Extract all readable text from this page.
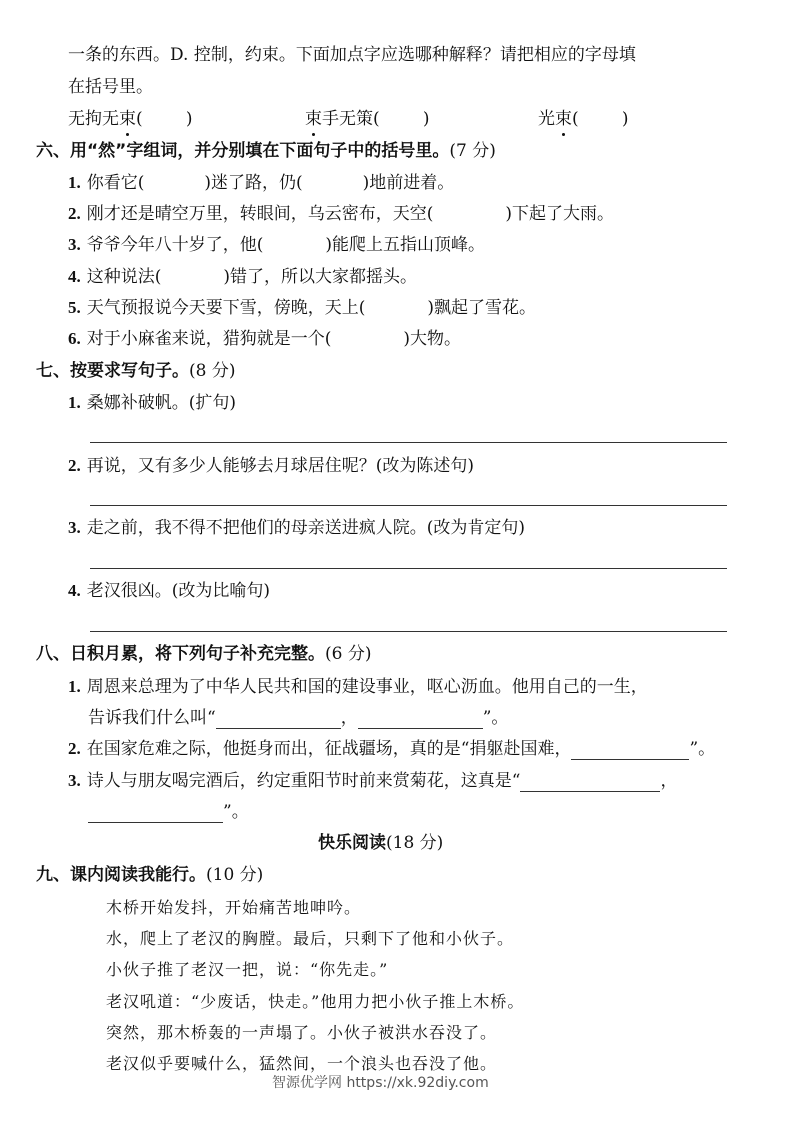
一条的东西。D. 控制，约束。下面加点字应选哪种解释？请把相应的字母填
在括号里。
无拘无束(        )	束手无策(        )	光束(        )
六、用“然”字组词，并分别填在下面句子中的括号里。(7 分)
1. 你看它(	)迷了路，仍(	)地前进着。
2. 刚才还是晴空万里，转眼间，乌云密布，天空(	)下起了大雨。
3. 爷爷今年八十岁了，他(	)能爬上五指山顶峰。
4. 这种说法(	)错了，所以大家都摇头。
5. 天气预报说今天要下雪，傍晚，天上(	)飘起了雪花。
6. 对于小麻雀来说，猎狗就是一个(	)大物。
七、按要求写句子。(8 分)
1. 桑娜补破帆。(扩句)
2. 再说，又有多少人能够去月球居住呢？(改为陈述句)
3. 走之前，我不得不把他们的母亲送进疯人院。(改为肯定句)
4. 老汉很凶。(改为比喻句)
八、日积月累，将下列句子补充完整。(6 分)
1. 周恩来总理为了中华人民共和国的建设事业，呕心沥血。他用自己的一生，
告诉我们什么叫“	，	”。
2. 在国家危难之际，他挺身而出，征战疆场，真的是“捐躯赴国难，	”。
3. 诗人与朋友喝完酒后，约定重阳节时前来赏菊花，这真是“	，
”。
快乐阅读(18 分)
九、课内阅读我能行。(10 分)
木桥开始发抖，开始痛苦地呻吟。
水，爬上了老汉的胸膛。最后，只剩下了他和小伙子。
小伙子推了老汉一把，说：“你先走。”
老汉吼道：“少废话，快走。”他用力把小伙子推上木桥。
突然，那木桥轰的一声塌了。小伙子被洪水吞没了。
老汉似乎要喊什么，猛然间，一个浪头也吞没了他。
智源优学网 https://xk.92diy.com
